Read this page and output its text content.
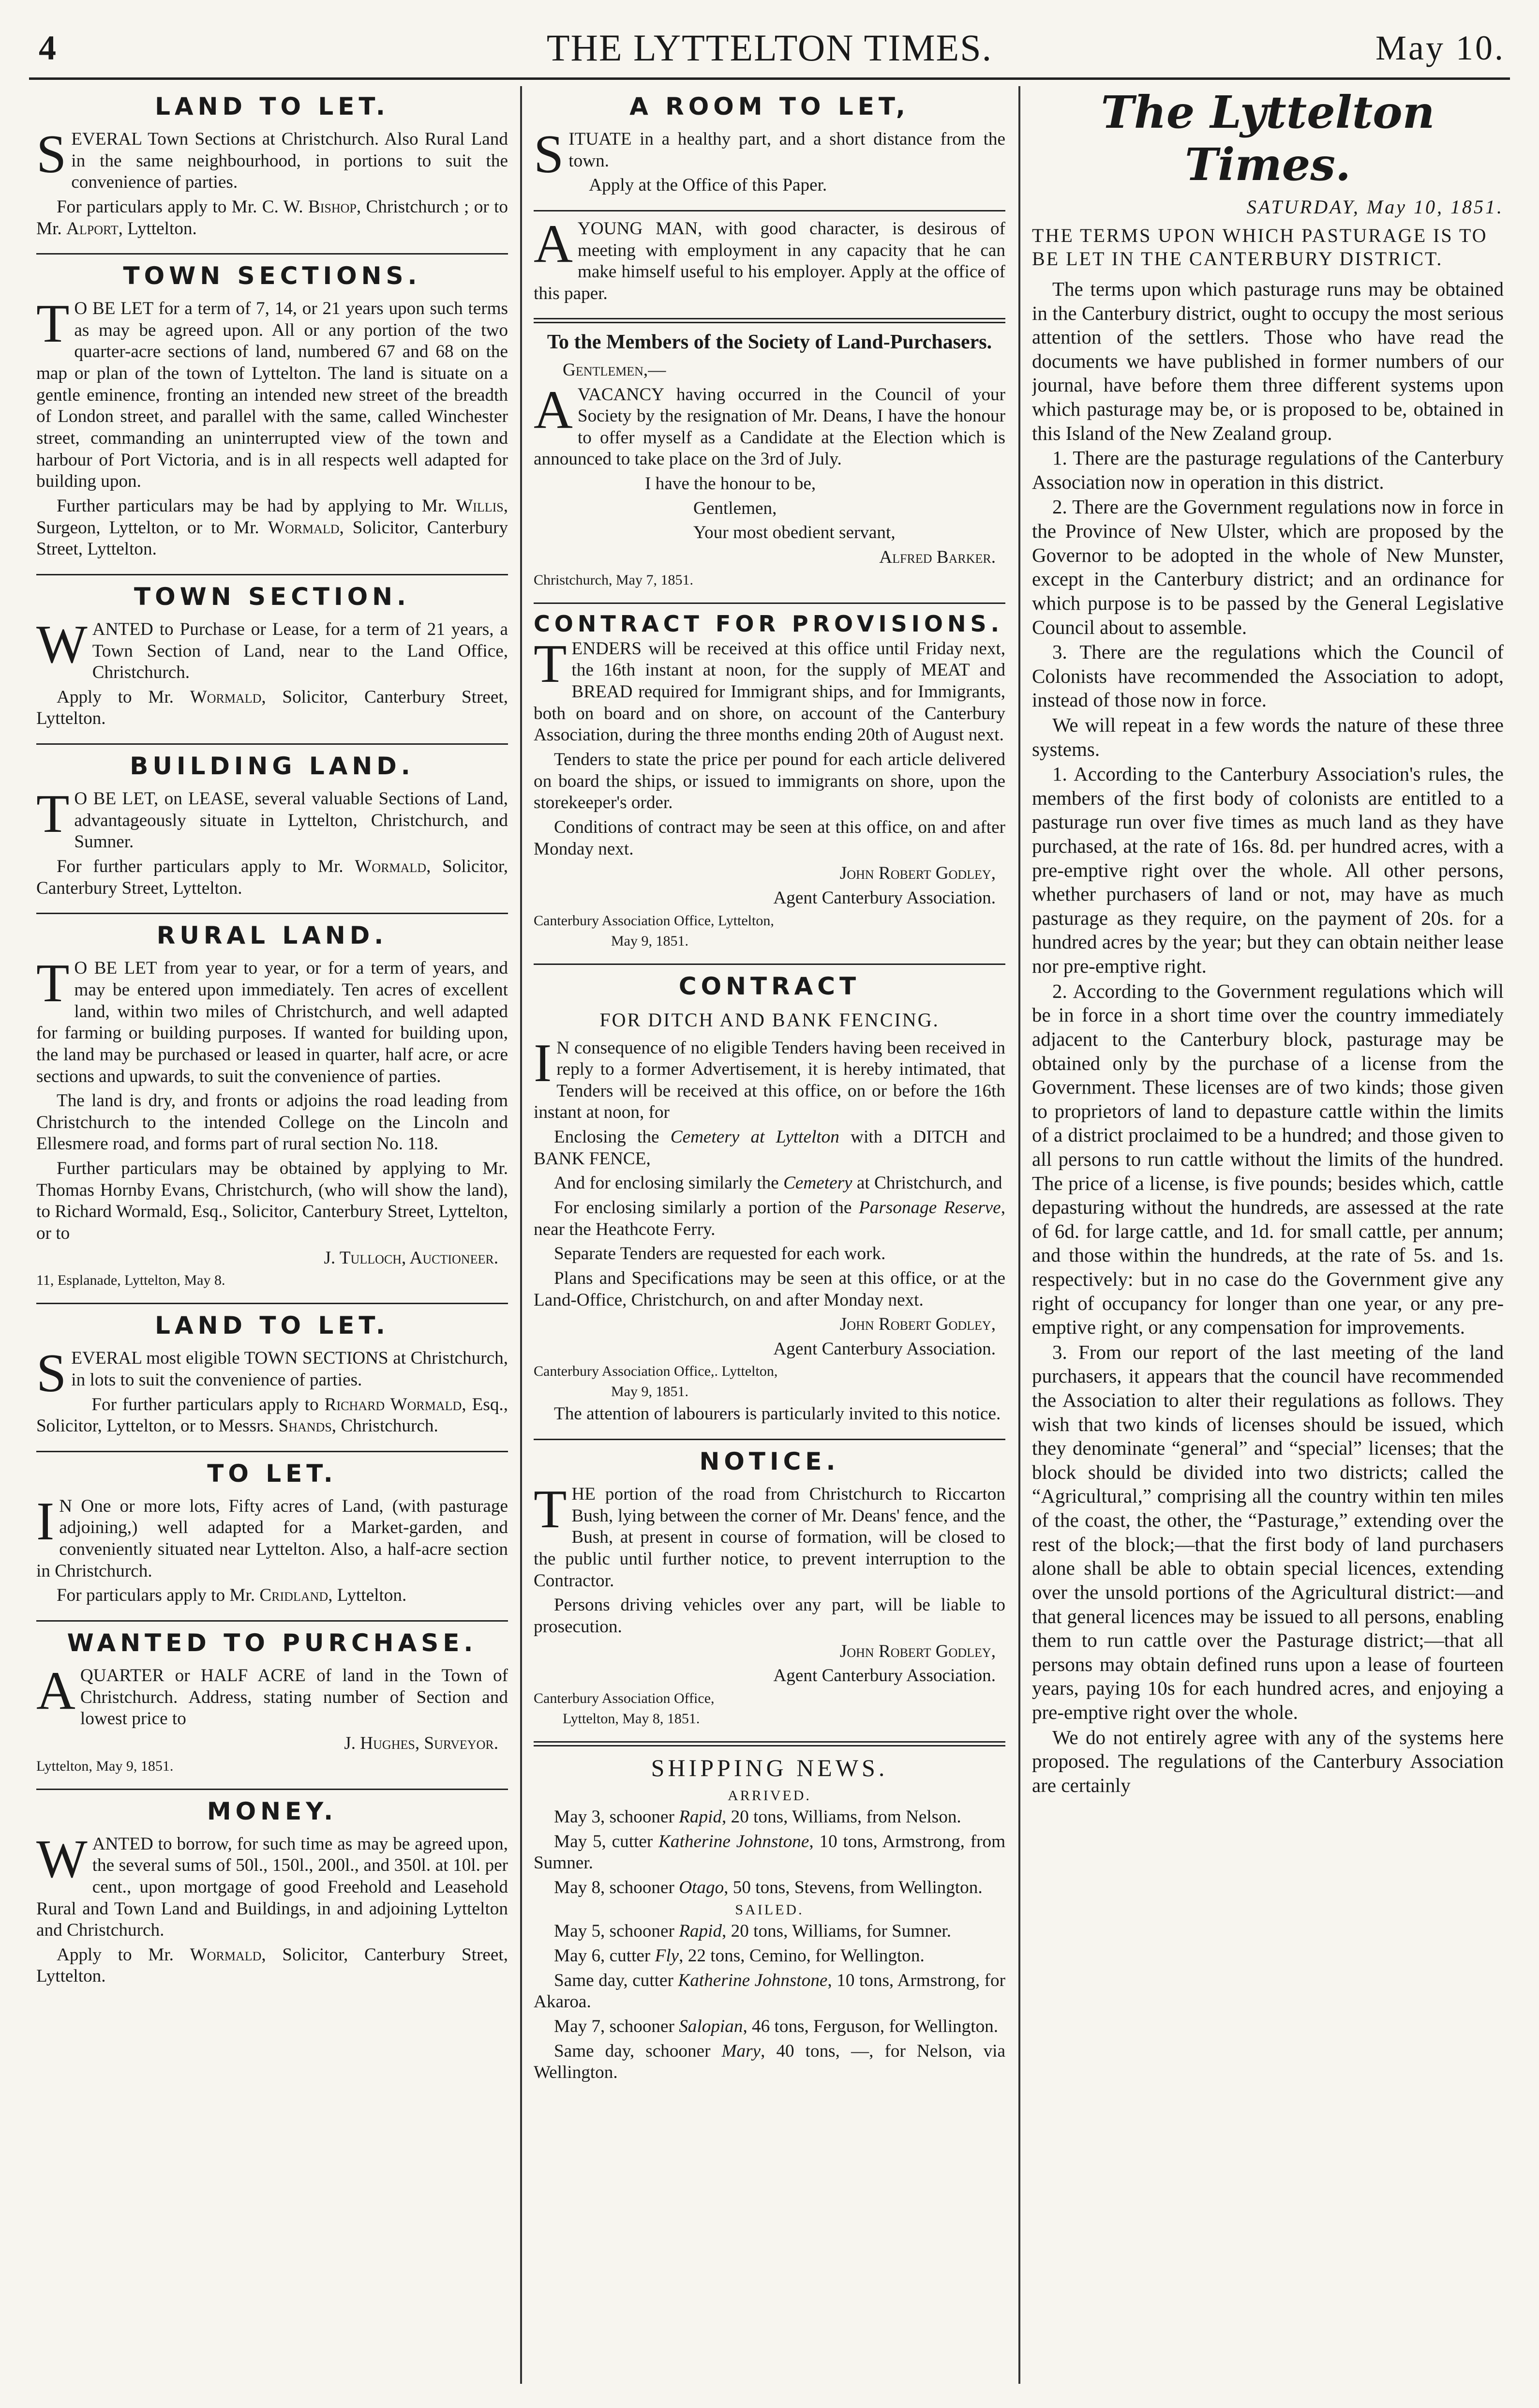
4	THE LYTTELTON TIMES.	May 10.
LAND TO LET.

SEVERAL Town Sections at Christchurch. Also Rural Land in the same neighbourhood, in portions to suit the convenience of parties.

For particulars apply to Mr. C. W. Bishop, Christchurch ; or to Mr. Alport, Lyttelton.

TOWN SECTIONS.

T O BE LET for a term of 7, 14, or 21 years upon such terms as may be agreed upon. All or any portion of the two quarter-acre sections of land, numbered 67 and 68 on the map or plan of the town of Lyttelton. The land is situate on a gentle eminence, fronting an intended new street of the breadth of London street, and parallel with the same, called Winchester street, commanding an uninterrupted view of the town and harbour of Port Victoria, and is in all respects well adapted for building upon.

Further particulars may be had by applying to Mr. Willis, Surgeon, Lyttelton, or to Mr. Wormald, Solicitor, Canterbury Street, Lyttelton.

TOWN SECTION.

WANTED to Purchase or Lease, for a term of 21 years, a Town Section of Land, near to the Land Office, Christchurch.

Apply to Mr. Wormald, Solicitor, Canterbury Street, Lyttelton.

BUILDING LAND.

T O BE LET, on LEASE, several valuable Sections of Land, advantageously situate in Lyttelton, Christchurch, and Sumner.

For further particulars apply to Mr. Wormald, Solicitor, Canterbury Street, Lyttelton.

RURAL LAND.

T O BE LET from year to year, or for a term of years, and may be entered upon immediately. Ten acres of excellent land, within two miles of Christchurch, and well adapted for farming or building purposes. If wanted for building upon, the land may be purchased or leased in quarter, half acre, or acre sections and upwards, to suit the convenience of parties.

The land is dry, and fronts or adjoins the road leading from Christchurch to the intended College on the Lincoln and Ellesmere road, and forms part of rural section No. 118.

Further particulars may be obtained by applying to Mr. Thomas Hornby Evans, Christchurch, (who will show the land), to Richard Wormald, Esq., Solicitor, Canterbury Street, Lyttelton, or to

J. Tulloch, Auctioneer.

11, Esplanade, Lyttelton, May 8.

LAND TO LET.

SEVERAL most eligible TOWN SECTIONS at Christchurch, in lots to suit the convenience of parties.

For further particulars apply to Richard Wormald, Esq., Solicitor, Lyttelton, or to Messrs. Shands, Christchurch.

TO LET.

I N One or more lots, Fifty acres of Land, (with pasturage adjoining,) well adapted for a Market-garden, and conveniently situated near Lyttelton. Also, a half-acre section in Christchurch.

For particulars apply to Mr. Cridland, Lyttelton.

WANTED TO PURCHASE.

AQUARTER or HALF ACRE of land in the Town of Christchurch. Address, stating number of Section and lowest price to

J. Hughes, Surveyor.

Lyttelton, May 9, 1851.

MONEY.

WANTED to borrow, for such time as may be agreed upon, the several sums of 50l., 150l., 200l., and 350l. at 10l. per cent., upon mortgage of good Freehold and Leasehold Rural and Town Land and Buildings, in and adjoining Lyttelton and Christchurch.

Apply to Mr. Wormald, Solicitor, Canterbury Street, Lyttelton.

A ROOM TO LET,

SITUATE in a healthy part, and a short distance from the town.

Apply at the Office of this Paper.

AYOUNG MAN, with good character, is desirous of meeting with employment in any capacity that he can make himself useful to his employer. Apply at the office of this paper.

To the Members of the Society of Land-Purchasers.

Gentlemen,—

AVACANCY having occurred in the Council of your Society by the resignation of Mr. Deans, I have the honour to offer myself as a Candidate at the Election which is announced to take place on the 3rd of July.

I have the honour to be,

Gentlemen,

Your most obedient servant,

Alfred Barker.

Christchurch, May 7, 1851.

CONTRACT FOR PROVISIONS.

TENDERS will be received at this office until Friday next, the 16th instant at noon, for the supply of MEAT and BREAD required for Immigrant ships, and for Immigrants, both on board and on shore, on account of the Canterbury Association, during the three months ending 20th of August next.

Tenders to state the price per pound for each article delivered on board the ships, or issued to immigrants on shore, upon the storekeeper's order.

Conditions of contract may be seen at this office, on and after Monday next.

John Robert Godley,

Agent Canterbury Association.

Canterbury Association Office, Lyttelton,

May 9, 1851.

CONTRACT
FOR DITCH AND BANK FENCING.

I N consequence of no eligible Tenders having been received in reply to a former Advertisement, it is hereby intimated, that Tenders will be received at this office, on or before the 16th instant at noon, for

Enclosing the Cemetery at Lyttelton with a DITCH and BANK FENCE,

And for enclosing similarly the Cemetery at Christchurch, and

For enclosing similarly a portion of the Parsonage Reserve, near the Heathcote Ferry.

Separate Tenders are requested for each work.

Plans and Specifications may be seen at this office, or at the Land-Office, Christchurch, on and after Monday next.

John Robert Godley,

Agent Canterbury Association.

Canterbury Association Office,. Lyttelton,

May 9, 1851.

The attention of labourers is particularly invited to this notice.

NOTICE.

THE portion of the road from Christchurch to Riccarton Bush, lying between the corner of Mr. Deans' fence, and the Bush, at present in course of formation, will be closed to the public until further notice, to prevent interruption to the Contractor.

Persons driving vehicles over any part, will be liable to prosecution.

John Robert Godley,

Agent Canterbury Association.

Canterbury Association Office,

Lyttelton, May 8, 1851.

SHIPPING NEWS.
ARRIVED.

May 3, schooner Rapid, 20 tons, Williams, from Nelson.

May 5, cutter Katherine Johnstone, 10 tons, Armstrong, from Sumner.

May 8, schooner Otago, 50 tons, Stevens, from Wellington.

SAILED.

May 5, schooner Rapid, 20 tons, Williams, for Sumner.

May 6, cutter Fly, 22 tons, Cemino, for Wellington.

Same day, cutter Katherine Johnstone, 10 tons, Armstrong, for Akaroa.

May 7, schooner Salopian, 46 tons, Ferguson, for Wellington.

Same day, schooner Mary, 40 tons, —, for Nelson, via Wellington.

The Lyttelton Times.
SATURDAY, May 10, 1851.
THE TERMS UPON WHICH PASTURAGE IS TO BE LET IN THE CANTERBURY DISTRICT.

The terms upon which pasturage runs may be obtained in the Canterbury district, ought to occupy the most serious attention of the settlers. Those who have read the documents we have published in former numbers of our journal, have before them three different systems upon which pasturage may be, or is proposed to be, obtained in this Island of the New Zealand group.

1. There are the pasturage regulations of the Canterbury Association now in operation in this district.

2. There are the Government regulations now in force in the Province of New Ulster, which are proposed by the Governor to be adopted in the whole of New Munster, except in the Canterbury district; and an ordinance for which purpose is to be passed by the General Legislative Council about to assemble.

3. There are the regulations which the Council of Colonists have recommended the Association to adopt, instead of those now in force.

We will repeat in a few words the nature of these three systems.

1. According to the Canterbury Association's rules, the members of the first body of colonists are entitled to a pasturage run over five times as much land as they have purchased, at the rate of 16s. 8d. per hundred acres, with a pre-emptive right over the whole. All other persons, whether purchasers of land or not, may have as much pasturage as they require, on the payment of 20s. for a hundred acres by the year; but they can obtain neither lease nor pre-emptive right.

2. According to the Government regulations which will be in force in a short time over the country immediately adjacent to the Canterbury block, pasturage may be obtained only by the purchase of a license from the Government. These licenses are of two kinds; those given to proprietors of land to depasture cattle within the limits of a district proclaimed to be a hundred; and those given to all persons to run cattle without the limits of the hundred. The price of a license, is five pounds; besides which, cattle depasturing without the hundreds, are assessed at the rate of 6d. for large cattle, and 1d. for small cattle, per annum; and those within the hundreds, at the rate of 5s. and 1s. respectively: but in no case do the Government give any right of occupancy for longer than one year, or any pre-emptive right, or any compensation for improvements.

3. From our report of the last meeting of the land purchasers, it appears that the council have recommended the Association to alter their regulations as follows. They wish that two kinds of licenses should be issued, which they denominate “general” and “special” licenses; that the block should be divided into two districts; called the “Agricultural,” comprising all the country within ten miles of the coast, the other, the “Pasturage,” extending over the rest of the block;—that the first body of land purchasers alone shall be able to obtain special licences, extending over the unsold portions of the Agricultural district:—and that general licences may be issued to all persons, enabling them to run cattle over the Pasturage district;—that all persons may obtain defined runs upon a lease of fourteen years, paying 10s for each hundred acres, and enjoying a pre-emptive right over the whole.

We do not entirely agree with any of the systems here proposed. The regulations of the Canterbury Association are certainly
